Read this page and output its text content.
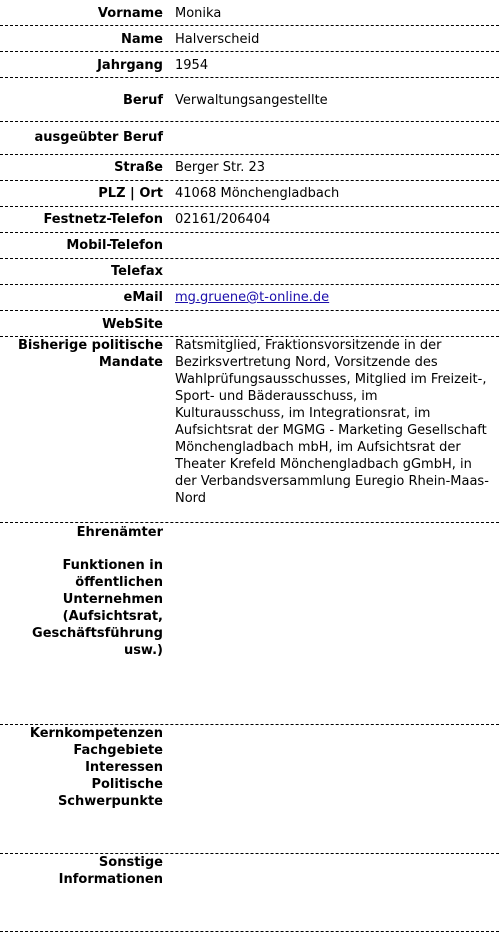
Vorname Monika
Name Halverscheid
Jahrgang 1954
Beruf Verwaltungsangestellte
ausgeübter Beruf
Straße Berger Str. 23
PLZ | Ort 41068 Mönchengladbach
Festnetz-Telefon 02161/206404
Mobil-Telefon
Telefax
eMail mg.gruene@t-online.de
WebSite
Bisherige politische
Mandate
Ratsmitglied, Fraktionsvorsitzende in der
Bezirksvertretung Nord, Vorsitzende des
Wahlprüfungsausschusses, Mitglied im Freizeit-,
Sport- und Bäderausschuss, im
Kulturausschuss, im Integrationsrat, im
Aufsichtsrat der MGMG - Marketing Gesellschaft
Mönchengladbach mbH, im Aufsichtsrat der
Theater Krefeld Mönchengladbach gGmbH, in
der Verbandsversammlung Euregio Rhein-Maas-
Nord
Ehrenämter
Funktionen in
öffentlichen
Unternehmen
(Aufsichtsrat,
Geschäftsführung
usw.)
Kernkompetenzen
Fachgebiete
Interessen
Politische
Schwerpunkte
Sonstige
Informationen
